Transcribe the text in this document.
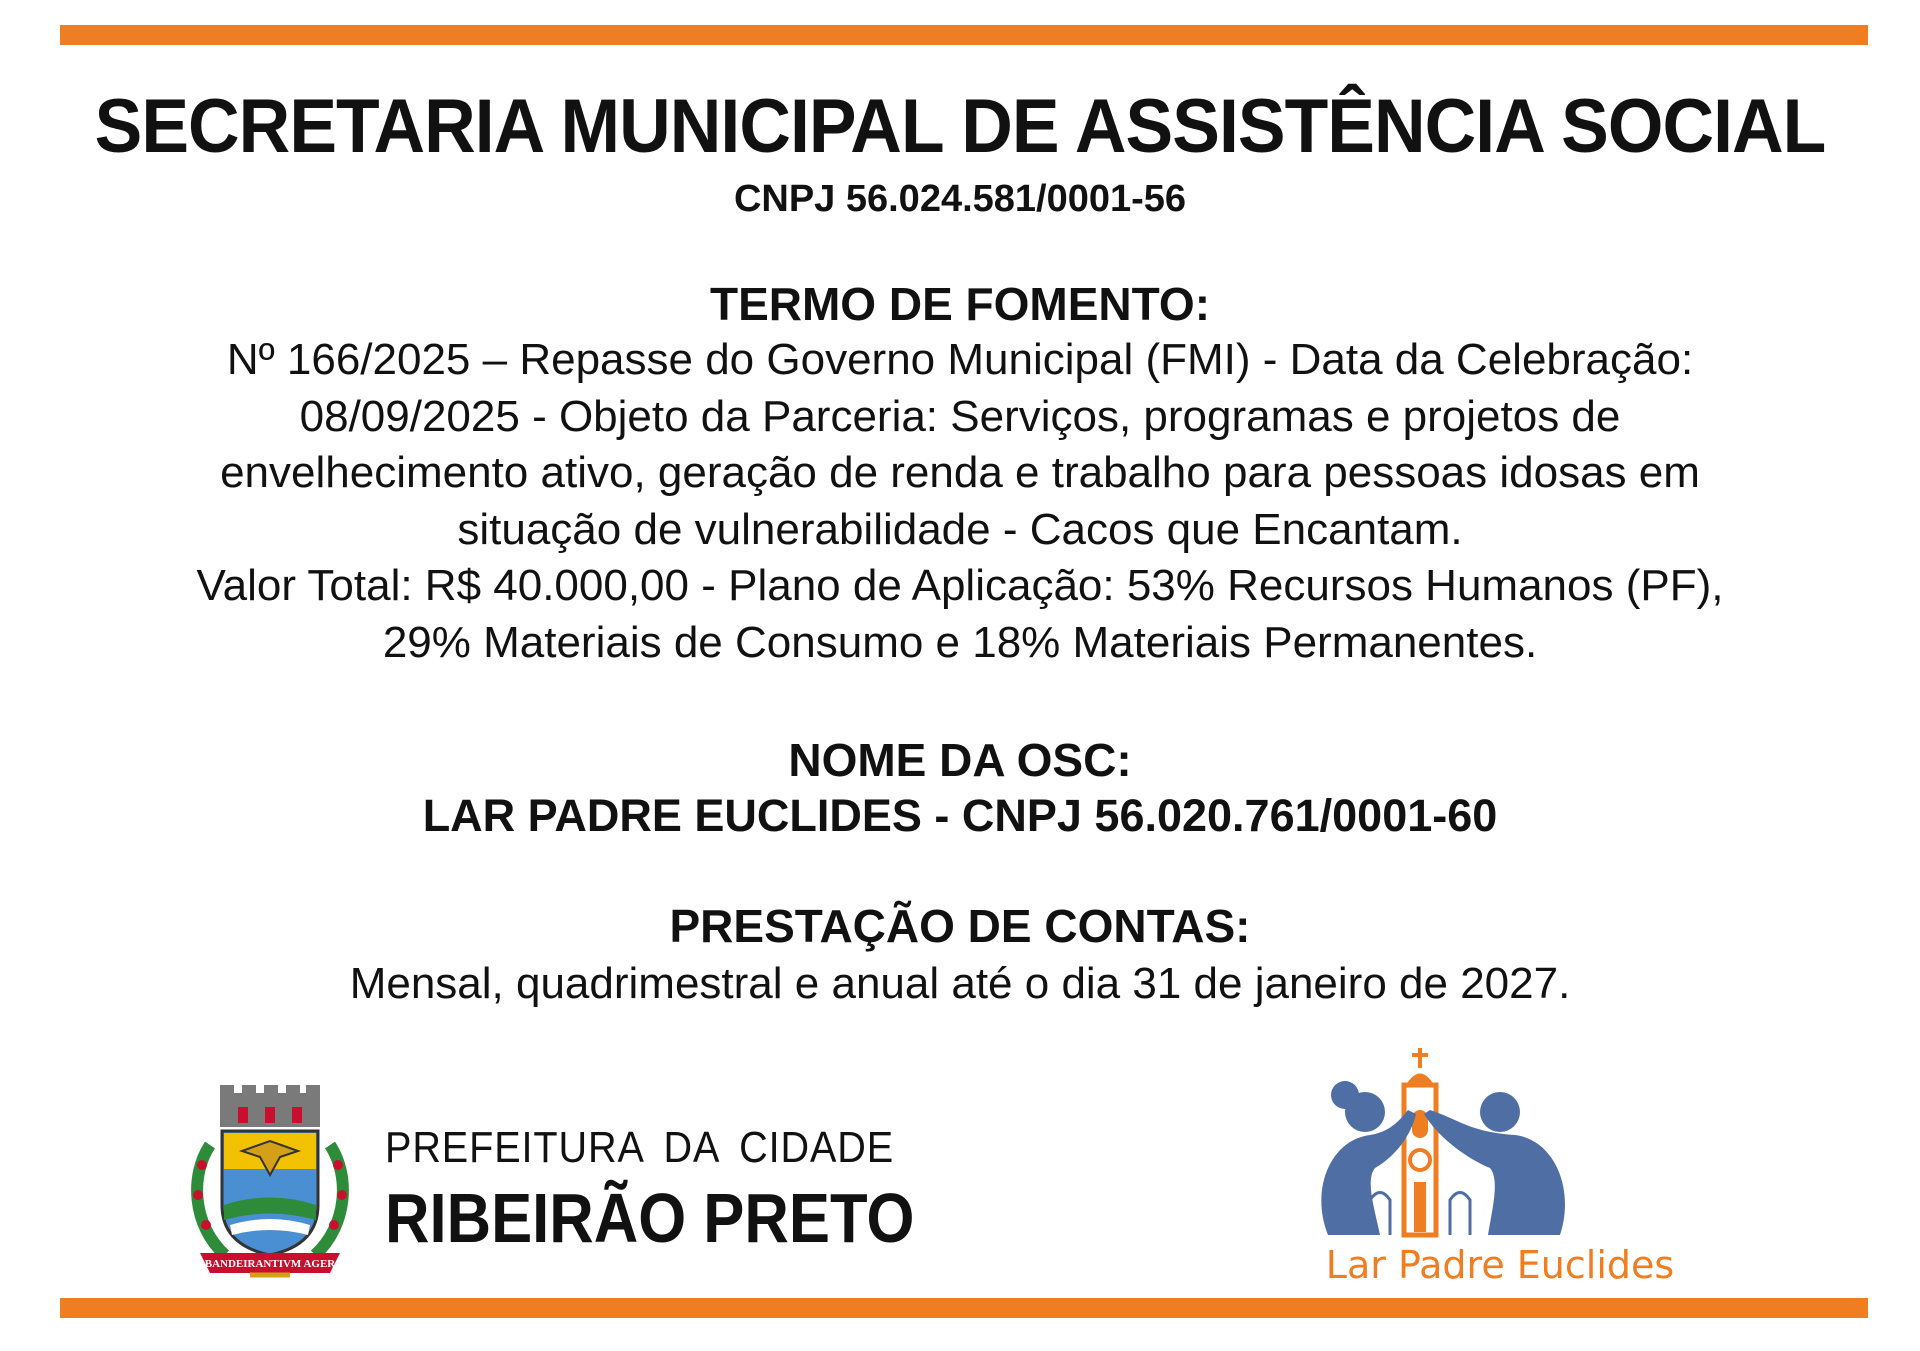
SECRETARIA MUNICIPAL DE ASSISTÊNCIA SOCIAL
CNPJ 56.024.581/0001-56
TERMO DE FOMENTO:
Nº 166/2025 – Repasse do Governo Municipal (FMI) - Data da Celebração:
08/09/2025 - Objeto da Parceria: Serviços, programas e projetos de
envelhecimento ativo, geração de renda e trabalho para pessoas idosas em
situação de vulnerabilidade - Cacos que Encantam.
Valor Total: R$ 40.000,00 - Plano de Aplicação: 53% Recursos Humanos (PF),
29% Materiais de Consumo e 18% Materiais Permanentes.
NOME DA OSC:
LAR PADRE EUCLIDES - CNPJ 56.020.761/0001-60
PRESTAÇÃO DE CONTAS:
Mensal, quadrimestral e anual até o dia 31 de janeiro de 2027.
BANDEIRANTIVM AGER
PREFEITURA DA CIDADE
RIBEIRÃO PRETO
Lar Padre Euclides
